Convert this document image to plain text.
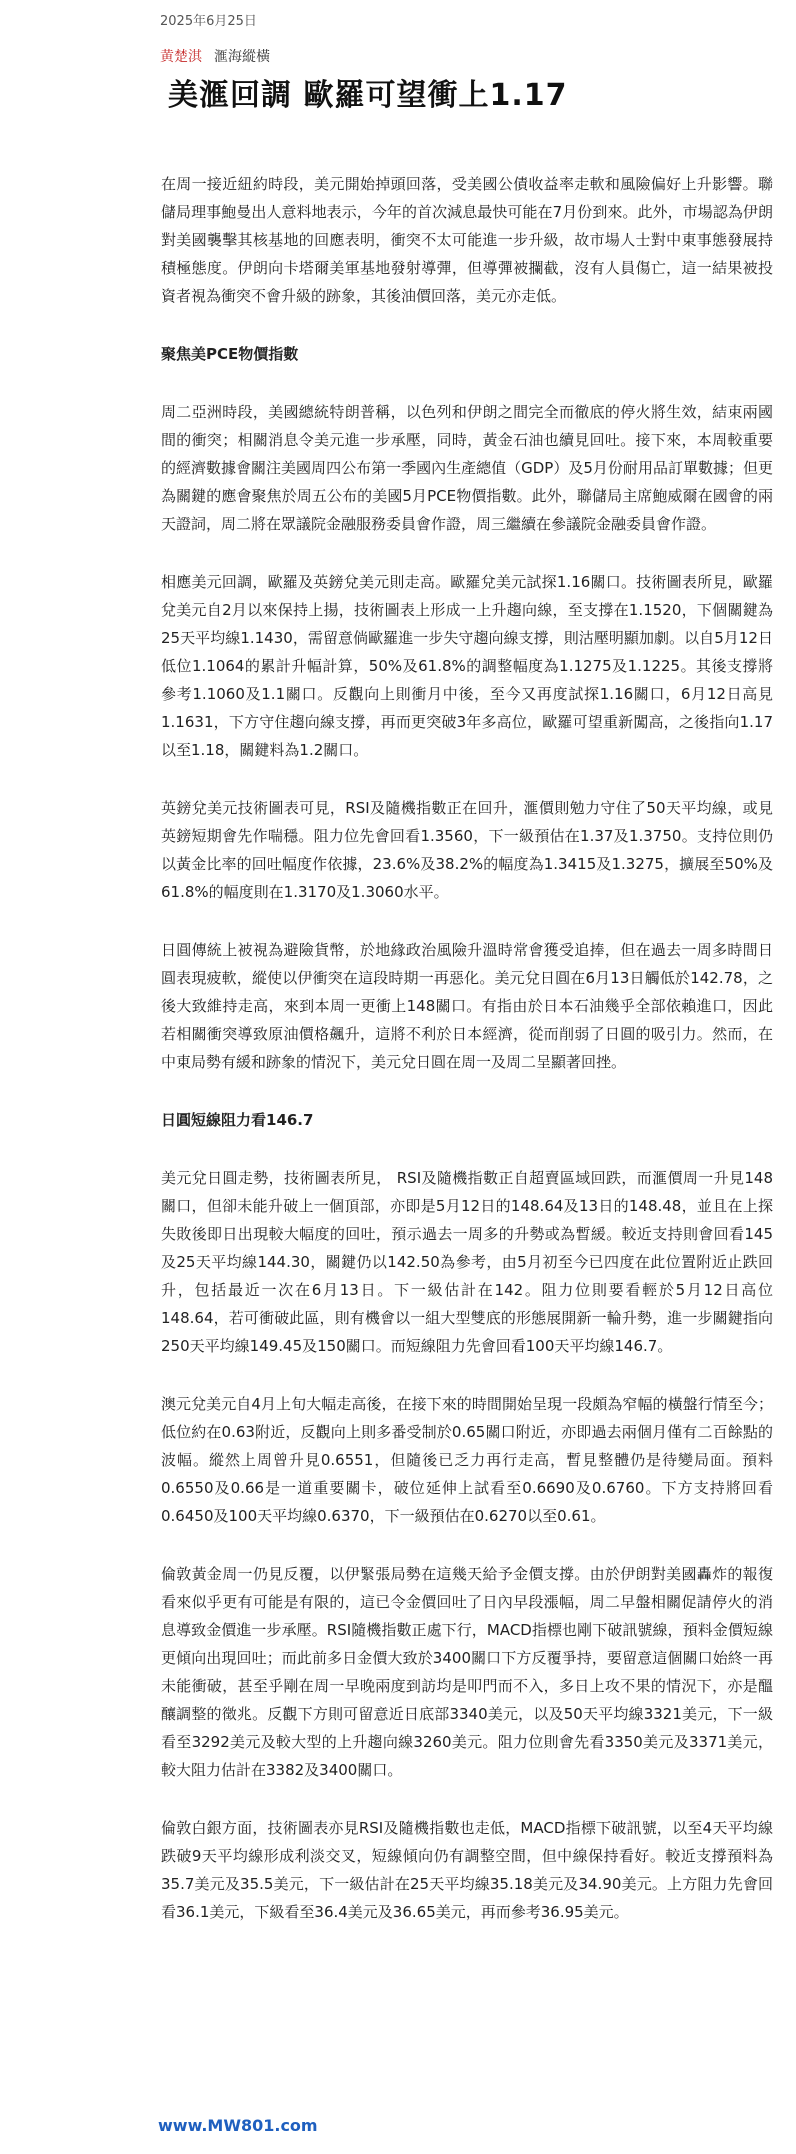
2025年6月25日
黄楚淇 滙海縱橫
美滙回調 歐羅可望衝上1.17

在周一接近紐約時段，美元開始掉頭回落，受美國公債收益率走軟和風險偏好上升影響。聯儲局理事鮑曼出人意料地表示，今年的首次減息最快可能在7月份到來。此外，市場認為伊朗對美國襲擊其核基地的回應表明，衝突不太可能進一步升級，故市場人士對中東事態發展持積極態度。伊朗向卡塔爾美軍基地發射導彈，但導彈被攔截，沒有人員傷亡，這一結果被投資者視為衝突不會升級的跡象，其後油價回落，美元亦走低。

聚焦美PCE物價指數

周二亞洲時段，美國總統特朗普稱，以色列和伊朗之間完全而徹底的停火將生效，結束兩國間的衝突；相關消息令美元進一步承壓，同時，黃金石油也續見回吐。接下來，本周較重要的經濟數據會關注美國周四公布第一季國內生產總值（GDP）及5月份耐用品訂單數據；但更為關鍵的應會聚焦於周五公布的美國5月PCE物價指數。此外，聯儲局主席鮑威爾在國會的兩天證詞，周二將在眾議院金融服務委員會作證，周三繼續在參議院金融委員會作證。

相應美元回調，歐羅及英鎊兌美元則走高。歐羅兌美元試探1.16關口。技術圖表所見，歐羅兌美元自2月以來保持上揚，技術圖表上形成一上升趨向線，至支撐在1.1520，下個關鍵為25天平均線1.1430，需留意倘歐羅進一步失守趨向線支撐，則沽壓明顯加劇。以自5月12日低位1.1064的累計升幅計算，50%及61.8%的調整幅度為1.1275及1.1225。其後支撐將參考1.1060及1.1關口。反觀向上則衝月中後，至今又再度試探1.16關口，6月12日高見1.1631，下方守住趨向線支撐，再而更突破3年多高位，歐羅可望重新闖高，之後指向1.17以至1.18，關鍵料為1.2關口。

英鎊兌美元技術圖表可見，RSI及隨機指數正在回升，滙價則勉力守住了50天平均線，或見英鎊短期會先作喘穩。阻力位先會回看1.3560，下一級預估在1.37及1.3750。支持位則仍以黃金比率的回吐幅度作依據，23.6%及38.2%的幅度為1.3415及1.3275，擴展至50%及61.8%的幅度則在1.3170及1.3060水平。

日圓傳統上被視為避險貨幣，於地緣政治風險升溫時常會獲受追捧，但在過去一周多時間日圓表現疲軟，縱使以伊衝突在這段時期一再惡化。美元兌日圓在6月13日觸低於142.78，之後大致維持走高，來到本周一更衝上148關口。有指由於日本石油幾乎全部依賴進口，因此若相關衝突導致原油價格飆升，這將不利於日本經濟，從而削弱了日圓的吸引力。然而，在中東局勢有緩和跡象的情況下，美元兌日圓在周一及周二呈顯著回挫。

日圓短線阻力看146.7

美元兌日圓走勢，技術圖表所見， RSI及隨機指數正自超賣區域回跌，而滙價周一升見148關口，但卻未能升破上一個頂部，亦即是5月12日的148.64及13日的148.48，並且在上探失敗後即日出現較大幅度的回吐，預示過去一周多的升勢或為暫緩。較近支持則會回看145及25天平均線144.30，關鍵仍以142.50為參考，由5月初至今已四度在此位置附近止跌回升，包括最近一次在6月13日。下一級估計在142。阻力位則要看輕於5月12日高位148.64，若可衝破此區，則有機會以一組大型雙底的形態展開新一輪升勢，進一步關鍵指向250天平均線149.45及150關口。而短線阻力先會回看100天平均線146.7。

澳元兌美元自4月上旬大幅走高後，在接下來的時間開始呈現一段頗為窄幅的橫盤行情至今；低位約在0.63附近，反觀向上則多番受制於0.65關口附近，亦即過去兩個月僅有二百餘點的波幅。縱然上周曾升見0.6551，但隨後已乏力再行走高，暫見整體仍是待變局面。預料0.6550及0.66是一道重要關卡，破位延伸上試看至0.6690及0.6760。下方支持將回看0.6450及100天平均線0.6370，下一級預估在0.6270以至0.61。

倫敦黃金周一仍見反覆，以伊緊張局勢在這幾天給予金價支撐。由於伊朗對美國轟炸的報復看來似乎更有可能是有限的，這已令金價回吐了日內早段漲幅，周二早盤相關促請停火的消息導致金價進一步承壓。RSI隨機指數正處下行，MACD指標也剛下破訊號線，預料金價短線更傾向出現回吐；而此前多日金價大致於3400關口下方反覆爭持，要留意這個關口始終一再未能衝破，甚至乎剛在周一早晚兩度到訪均是叩門而不入，多日上攻不果的情況下，亦是醞釀調整的徵兆。反觀下方則可留意近日底部3340美元，以及50天平均線3321美元，下一級看至3292美元及較大型的上升趨向線3260美元。阻力位則會先看3350美元及3371美元，較大阻力估計在3382及3400關口。

倫敦白銀方面，技術圖表亦見RSI及隨機指數也走低，MACD指標下破訊號，以至4天平均線跌破9天平均線形成利淡交叉，短線傾向仍有調整空間，但中線保持看好。較近支撐預料為35.7美元及35.5美元，下一級估計在25天平均線35.18美元及34.90美元。上方阻力先會回看36.1美元，下級看至36.4美元及36.65美元，再而參考36.95美元。

www.MW801.com
